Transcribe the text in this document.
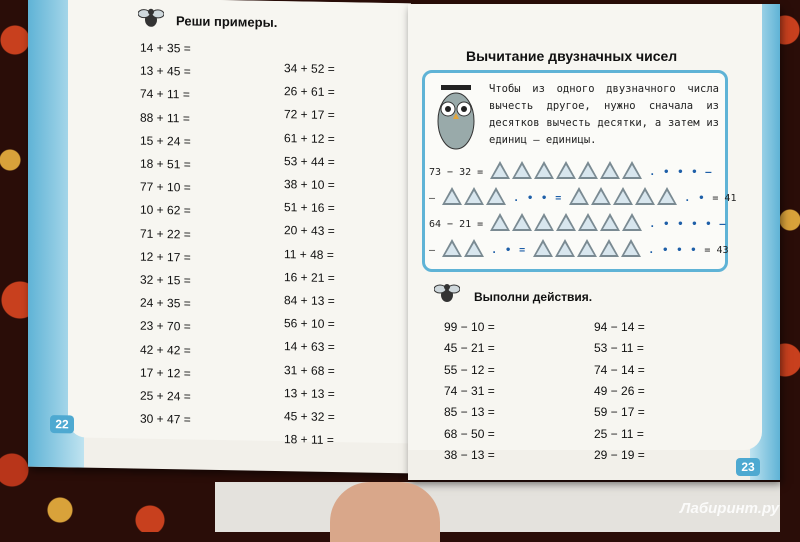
Реши примеры.
14 + 35 =
13 + 45 =
74 + 11 =
88 + 11 =
15 + 24 =
18 + 51 =
77 + 10 =
10 + 62 =
71 + 22 =
12 + 17 =
32 + 15 =
24 + 35 =
23 + 70 =
42 + 42 =
17 + 12 =
25 + 24 =
30 + 47 =
34 + 52 =
26 + 61 =
72 + 17 =
61 + 12 =
53 + 44 =
38 + 10 =
51 + 16 =
20 + 43 =
11 + 48 =
16 + 21 =
84 + 13 =
56 + 10 =
14 + 63 =
31 + 68 =
13 + 13 =
45 + 32 =
18 + 11 =
22
Вычитание двузначных чисел
Чтобы из одного двузначного числа вычесть другое, нужно сначала из десятков вычесть десятки, а затем из единиц — единицы.
73 − 32 =	. • • • –
–	. • • =	. • = 41
64 − 21 =	. • • • • –
–	. • =	. • • • = 43
Выполни действия.
99 − 10 =
45 − 21 =
55 − 12 =
74 − 31 =
85 − 13 =
68 − 50 =
38 − 13 =
94 − 14 =
53 − 11 =
74 − 14 =
49 − 26 =
59 − 17 =
25 − 11 =
29 − 19 =
23
Лабиринт.ру
